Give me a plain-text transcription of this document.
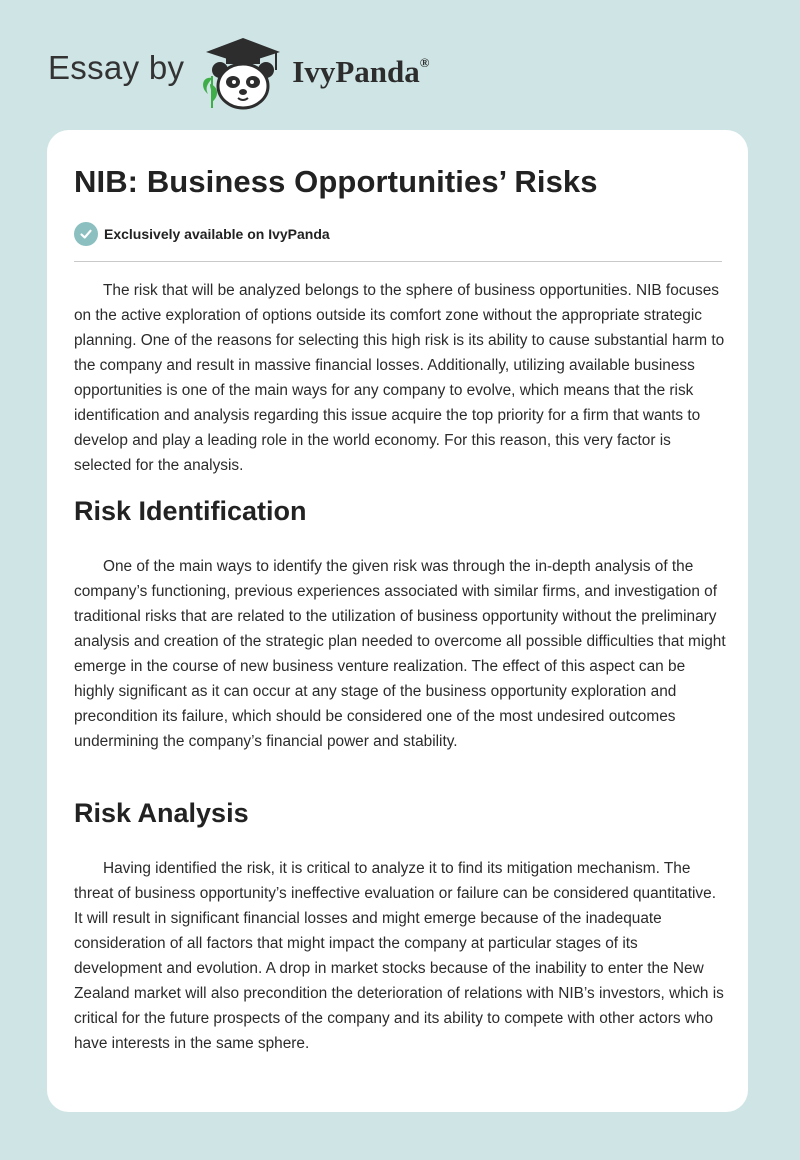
Essay by	IvyPanda®
NIB: Business Opportunities’ Risks
Exclusively available on IvyPanda

The risk that will be analyzed belongs to the sphere of business opportunities. NIB focuses on the active exploration of options outside its comfort zone without the appropriate strategic planning. One of the reasons for selecting this high risk is its ability to cause substantial harm to the company and result in massive financial losses. Additionally, utilizing available business opportunities is one of the main ways for any company to evolve, which means that the risk identification and analysis regarding this issue acquire the top priority for a firm that wants to develop and play a leading role in the world economy. For this reason, this very factor is selected for the analysis.

Risk Identification

One of the main ways to identify the given risk was through the in-depth analysis of the company’s functioning, previous experiences associated with similar firms, and investigation of traditional risks that are related to the utilization of business opportunity without the preliminary analysis and creation of the strategic plan needed to overcome all possible difficulties that might emerge in the course of new business venture realization. The effect of this aspect can be highly significant as it can occur at any stage of the business opportunity exploration and precondition its failure, which should be considered one of the most undesired outcomes undermining the company’s financial power and stability.

Risk Analysis

Having identified the risk, it is critical to analyze it to find its mitigation mechanism. The threat of business opportunity’s ineffective evaluation or failure can be considered quantitative. It will result in significant financial losses and might emerge because of the inadequate consideration of all factors that might impact the company at particular stages of its development and evolution. A drop in market stocks because of the inability to enter the New Zealand market will also precondition the deterioration of relations with NIB’s investors, which is critical for the future prospects of the company and its ability to compete with other actors who have interests in the same sphere.
